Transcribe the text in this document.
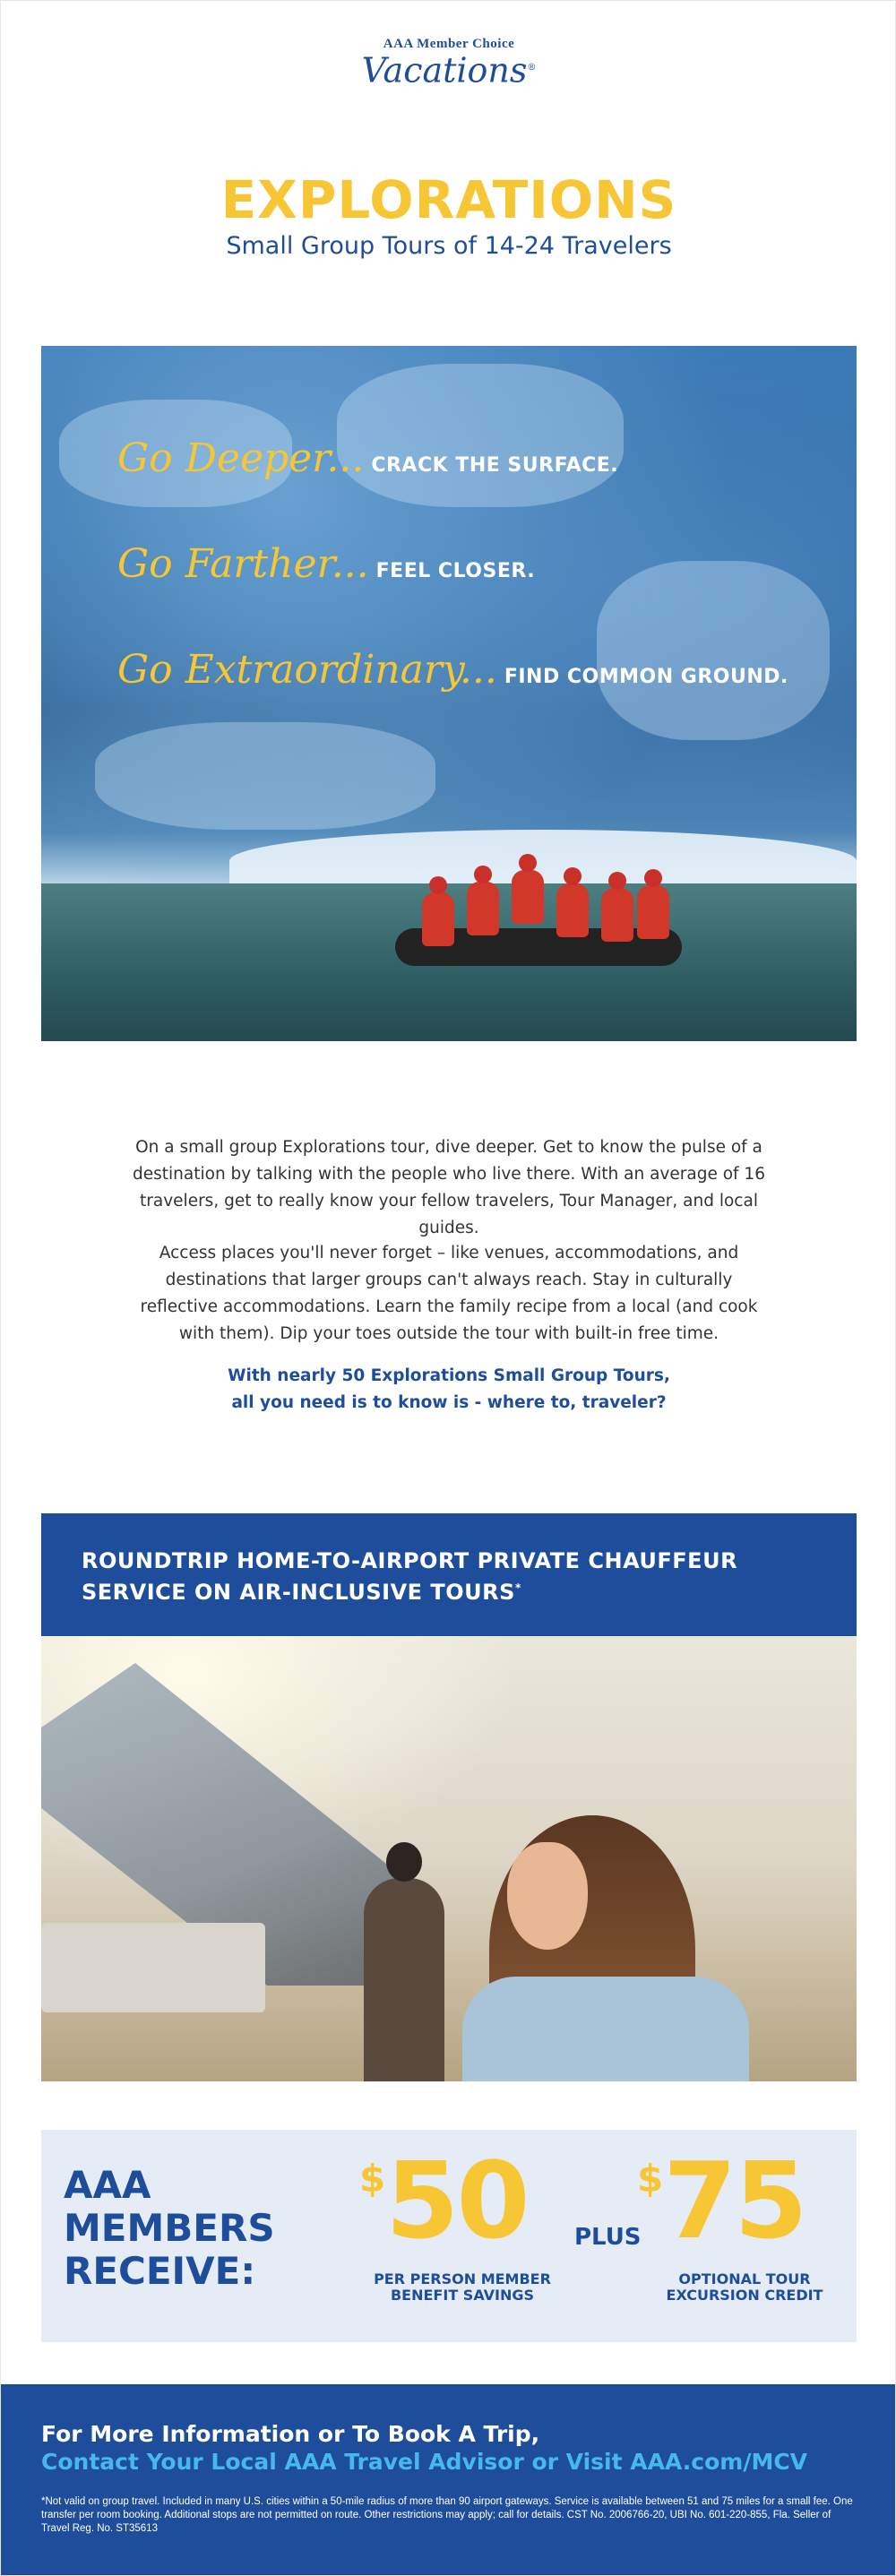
AAA Member Choice
Vacations®
EXPLORATIONS
Small Group Tours of 14-24 Travelers
Go Deeper... CRACK THE SURFACE.
Go Farther... FEEL CLOSER.
Go Extraordinary... FIND COMMON GROUND.

On a small group Explorations tour, dive deeper. Get to know the pulse of a destination by talking with the people who live there. With an average of 16 travelers, get to really know your fellow travelers, Tour Manager, and local guides.

Access places you'll never forget – like venues, accommodations, and destinations that larger groups can't always reach. Stay in culturally reflective accommodations. Learn the family recipe from a local (and cook with them). Dip your toes outside the tour with built-in free time.

With nearly 50 Explorations Small Group Tours,
all you need is to know is - where to, traveler?
ROUNDTRIP HOME-TO-AIRPORT PRIVATE CHAUFFEUR
SERVICE ON AIR-INCLUSIVE TOURS*
AAA
MEMBERS
RECEIVE:
$50
PER PERSON MEMBER
BENEFIT SAVINGS
PLUS
$75
OPTIONAL TOUR
EXCURSION CREDIT
For More Information or To Book A Trip,
Contact Your Local AAA Travel Advisor or Visit AAA.com/MCV

*Not valid on group travel. Included in many U.S. cities within a 50-mile radius of more than 90 airport gateways. Service is available between 51 and 75 miles for a small fee. One transfer per room booking. Additional stops are not permitted on route. Other restrictions may apply; call for details. CST No. 2006766-20, UBI No. 601-220-855, Fla. Seller of Travel Reg. No. ST35613
